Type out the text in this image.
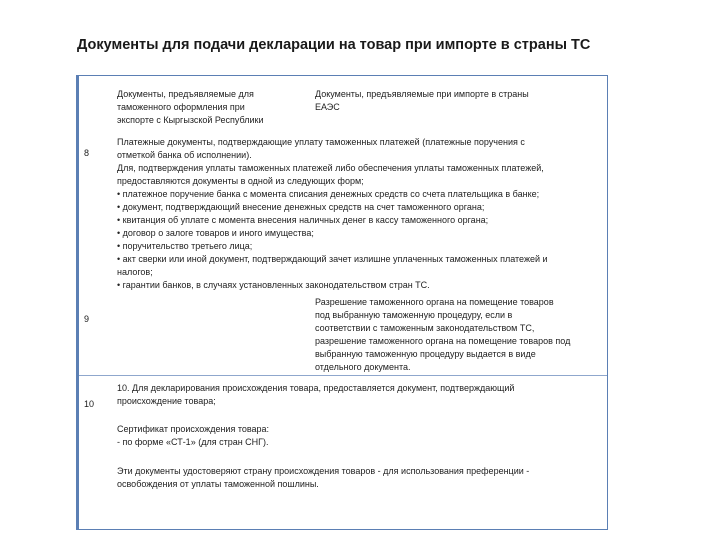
Документы для подачи декларации на товар при импорте в страны ТС
Документы, предъявляемые для
таможенного оформления при
экспорте с Кыргызской Республики
Документы, предъявляемые при импорте в страны
ЕАЭС
8
Платежные документы, подтверждающие уплату таможенных платежей (платежные поручения с
отметкой банка об исполнении).
Для, подтверждения уплаты таможенных платежей либо обеспечения уплаты таможенных платежей,
предоставляются документы в одной из следующих форм;
• платежное поручение банка с момента списания денежных средств со счета плательщика в банке;
• документ, подтверждающий внесение денежных средств на счет таможенного органа;
• квитанция об уплате с момента внесения наличных денег в кассу таможенного органа;
• договор о залоге товаров и иного имущества;
• поручительство третьего лица;
• акт сверки или иной документ, подтверждающий зачет излишне уплаченных таможенных платежей и
налогов;
• гарантии банков, в случаях установленных законодательством стран ТС.
9
Разрешение таможенного органа на помещение товаров
под выбранную таможенную процедуру, если в
соответствии с таможенным законодательством ТС,
разрешение таможенного органа на помещение товаров под
выбранную таможенную процедуру выдается в виде
отдельного документа.
10
10. Для декларирования происхождения товара, предоставляется документ, подтверждающий
происхождение товара;
Сертификат происхождения товара:
- по форме «СТ-1» (для стран СНГ).
Эти документы удостоверяют страну происхождения товаров - для использования преференции -
освобождения от уплаты таможенной пошлины.
